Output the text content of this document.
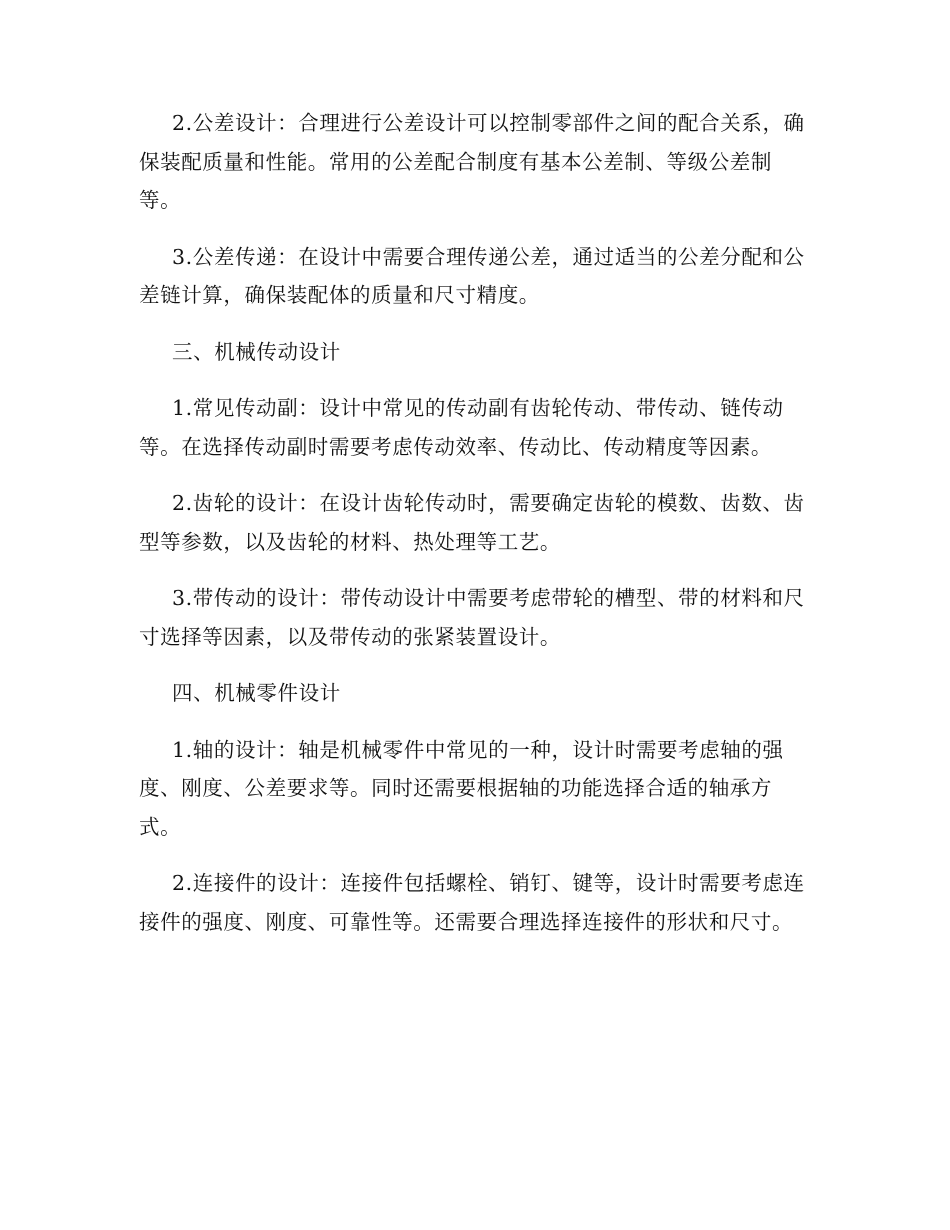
2.公差设计：合理进行公差设计可以控制零部件之间的配合关系，确保装配质量和性能。常用的公差配合制度有基本公差制、等级公差制等。

3.公差传递：在设计中需要合理传递公差，通过适当的公差分配和公差链计算，确保装配体的质量和尺寸精度。

三、机械传动设计

1.常见传动副：设计中常见的传动副有齿轮传动、带传动、链传动等。在选择传动副时需要考虑传动效率、传动比、传动精度等因素。

2.齿轮的设计：在设计齿轮传动时，需要确定齿轮的模数、齿数、齿型等参数，以及齿轮的材料、热处理等工艺。

3.带传动的设计：带传动设计中需要考虑带轮的槽型、带的材料和尺寸选择等因素，以及带传动的张紧装置设计。

四、机械零件设计

1.轴的设计：轴是机械零件中常见的一种，设计时需要考虑轴的强度、刚度、公差要求等。同时还需要根据轴的功能选择合适的轴承方式。

2.连接件的设计：连接件包括螺栓、销钉、键等，设计时需要考虑连接件的强度、刚度、可靠性等。还需要合理选择连接件的形状和尺寸。
